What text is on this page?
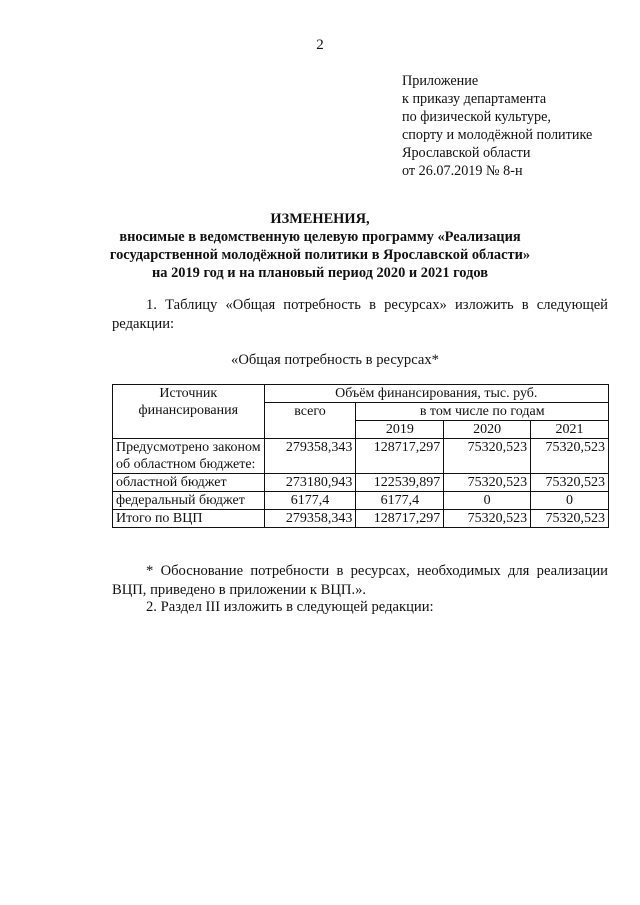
2
Приложение
к приказу департамента
по физической культуре,
спорту и молодёжной политике
Ярославской области
от 26.07.2019 № 8-н
ИЗМЕНЕНИЯ,
вносимые в ведомственную целевую программу «Реализация
государственной молодёжной политики в Ярославской области»
на 2019 год и на плановый период 2020 и 2021 годов
1. Таблицу «Общая потребность в ресурсах» изложить в следующей редакции:
«Общая потребность в ресурсах*
Источник финансирования	Объём финансирования, тыс. руб.			
	всего	в том числе по годам		
		2019	2020	2021
Предусмотрено законом об областном бюджете:	279358,343	128717,297	75320,523	75320,523
областной бюджет	273180,943	122539,897	75320,523	75320,523
федеральный бюджет	6177,4	6177,4	0	0
Итого по ВЦП	279358,343	128717,297	75320,523	75320,523
* Обоснование потребности в ресурсах, необходимых для реализации ВЦП, приведено в приложении к ВЦП.».
2. Раздел III изложить в следующей редакции:
